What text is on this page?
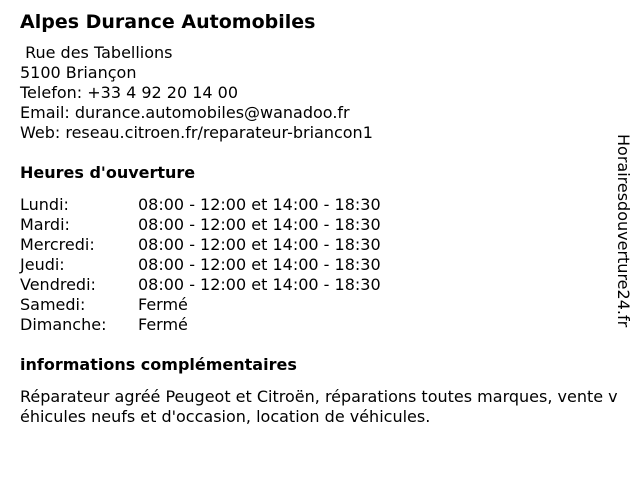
Alpes Durance Automobiles
Rue des Tabellions
5100 Briançon
Telefon: +33 4 92 20 14 00
Email: durance.automobiles@wanadoo.fr
Web: reseau.citroen.fr/reparateur-briancon1
Heures d'ouverture
Lundi:	08:00 - 12:00 et 14:00 - 18:30
Mardi:	08:00 - 12:00 et 14:00 - 18:30
Mercredi:	08:00 - 12:00 et 14:00 - 18:30
Jeudi:	08:00 - 12:00 et 14:00 - 18:30
Vendredi:	08:00 - 12:00 et 14:00 - 18:30
Samedi:	Fermé
Dimanche:	Fermé
informations complémentaires
Réparateur agréé Peugeot et Citroën, réparations toutes marques, vente véhicules neufs et d'occasion, location de véhicules.
Horairesdouverture24.fr
